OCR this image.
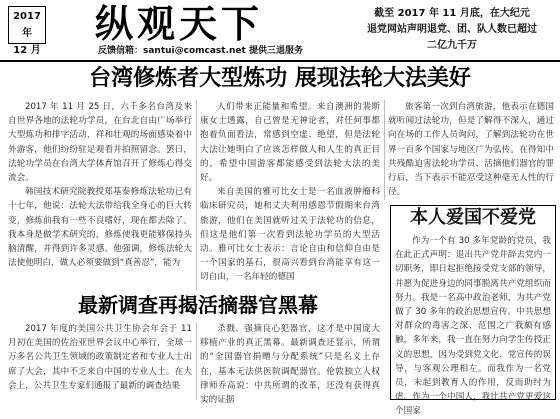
2017 年
12 月
纵观天下	截至 2017 年 11 月底，在大纪元
退党网站声明退党、团、队人数已超过
二亿九千万
反馈信箱：santui@comcast.net 提供三退服务
台湾修炼者大型炼功 展现法轮大法美好

2017 年 11 月 25 日，六千多名台湾及来自世界各地的法轮功学员，在台北自由广场举行大型炼功和排字活动，祥和壮观的场面感染着中外游客，他们纷纷驻足观看并拍照留念。罢日，法轮功学员在台湾大学体育馆召开了修炼心得交流会。

韩国技术研究院教授郑基泰修炼法轮功已有十七年，他说：法轮大法带给我全身心的巨大转变，修炼前我有一些不良嗜好，现在都去除了。我本身是做学术研究的，修炼使我更能够保持头脑清醒，并得到许多灵感。他强调，修炼法轮大法使他明白，做人必须要做到“真善忍”，能为

人们带来正能量和希望。来自澳洲的裴斯康女士透露，自己曾是无神论者，对任何事都抱着负面看法，常感到空虚、绝望，但是法轮大法让她明白了应该怎样做人和人生的真正目的，希望中国游客都能感受到法轮大法的美好。

来自美国的雅可比女士是一名血液肿瘤科临床研究员，她和丈夫利用感恩节假期来台湾旅游，他们在美国就听过关于法轮功的信息，但这是他们第一次看到法轮功学员的大型活动。雅可比女士表示：言论自由和信仰自由是一个国家的基石，很高兴看到台湾能享有这一切自由，一名年轻的德国

旅客第一次到台湾旅游，他表示在德国就听闻过法轮功，但是了解得不深入，通过向在场的工作人员询问，了解到法轮功在世界一百多个国家与地区广为弘传。在得知中共残酷迫害法轮功学员、活摘他们器官的罪行后，当下表示不能忍受这种毫无人性的行径。

本人爱国不爱党

作为一个有 30 多年党龄的党员，我在此正式声明：退出共产党并辞去党内一切职务，即日起拒绝接受党支部的领导，并愿为促进身边的同事脱离共产党组织而努力。我是一名高中政治老师，为共产党做了 30 多年的政治思想宣传。中共思想对群众的毒害之深、范围之广我颇有感触，多年来，我一直在努力向学生传授正义的思想，因为受到党文化、党宣传的误导，与客观公理相左。而我作为一名党员，未起到教育人的作用，反而助纣为虐。作为一个中国人，我比共产党更爱这个国家

最新调查再揭活摘器官黑幕

2017 年度的美国公共卫生协会年会于 11 月初在美国的佐治亚世界会议中心举行，全球一万多名公共卫生领域的政策制定者和专业人士出席了大会，其中不乏来自中国的专业人士。在大会上，公共卫生专家们通报了最新的调查结果

杀戮、强摘良心犯器官，这才是中国庞大移植产业的真正黑幕。最新调查还显示，所谓的“全国器官捐赠与分配系统”只是名义上存在，基本无法供医院调配器官。伦敦独立人权律师乔高说：中共所谓的改革，还没有获得真实的证据
